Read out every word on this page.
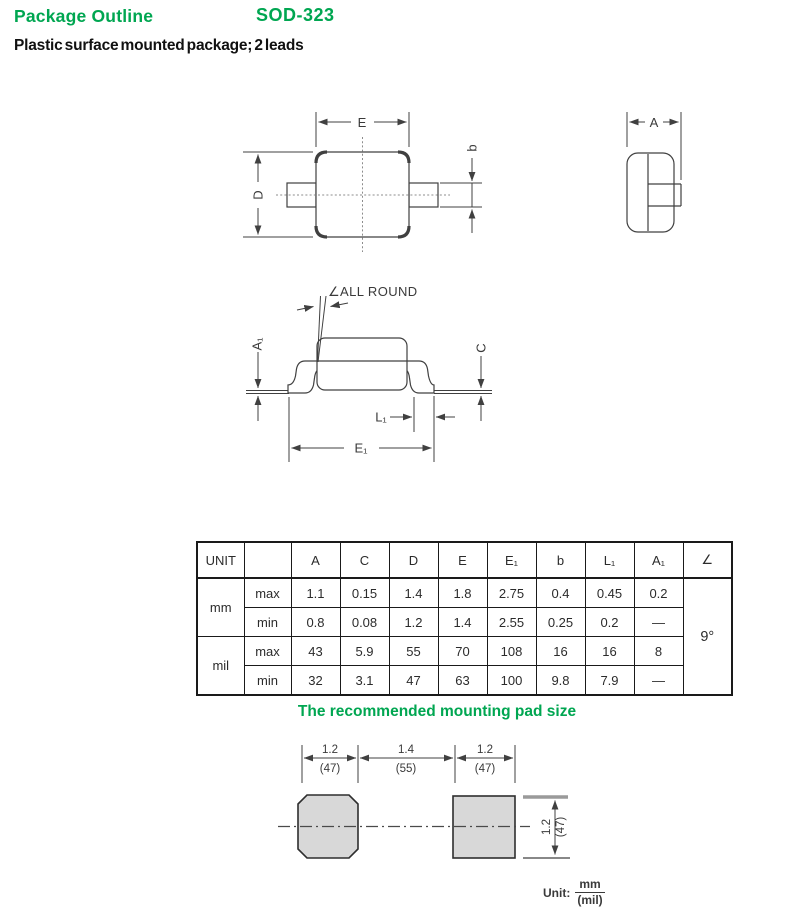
Package Outline	SOD-323
Plastic surface mounted package; 2 leads
E
D
b
A
∠ALL ROUND
A₁	C
L₁
E₁
1.2
(47)
1.4
(55)
1.2
(47)
1.2 (47)
UNIT		A	C	D	E	E₁	b	L₁	A₁	∠
mm	max	1.1	0.15	1.4	1.8	2.75	0.4	0.45	0.2	9°
	min	0.8	0.08	1.2	1.4	2.55	0.25	0.2	—	
mil	max	43	5.9	55	70	108	16	16	8	
	min	32	3.1	47	63	100	9.8	7.9	—	
The recommended mounting pad size
Unit:
mm
(mil)
